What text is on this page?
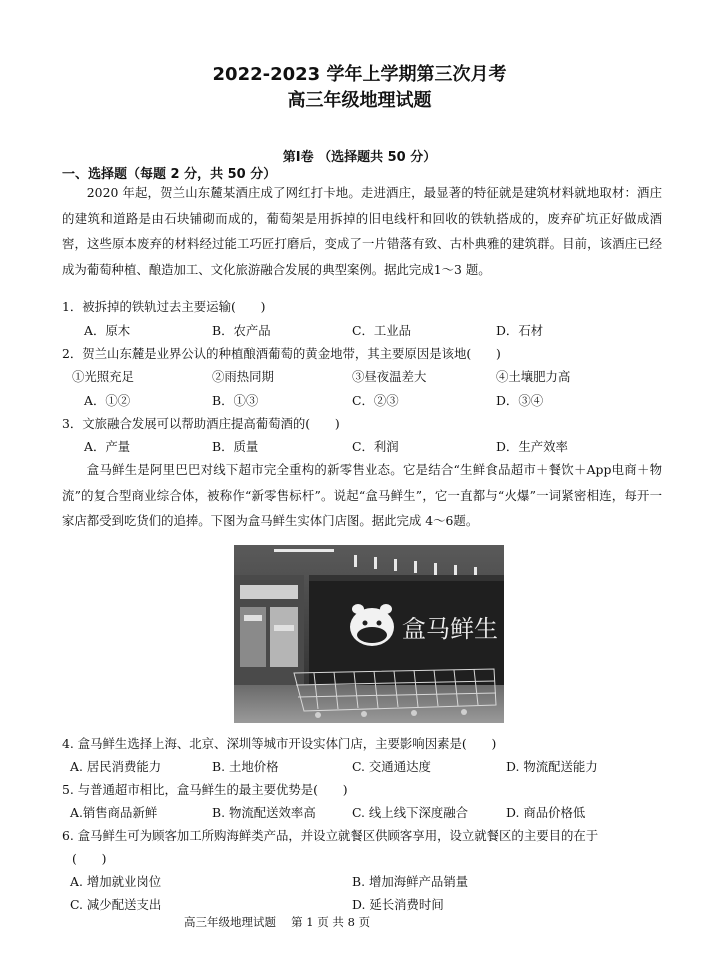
2022-2023 学年上学期第三次月考
高三年级地理试题
第Ⅰ卷 （选择题共 50 分）
一、选择题（每题 2 分，共 50 分）
2020 年起，贺兰山东麓某酒庄成了网红打卡地。走进酒庄，最显著的特征就是建筑材料就地取材：酒庄的建筑和道路是由石块铺砌而成的，葡萄架是用拆掉的旧电线杆和回收的铁轨搭成的，废弃矿坑正好做成酒窖，这些原本废弃的材料经过能工巧匠打磨后，变成了一片错落有致、古朴典雅的建筑群。目前，该酒庄已经成为葡萄种植、酿造加工、文化旅游融合发展的典型案例。据此完成1～3 题。
1．被拆掉的铁轨过去主要运输(　　)
A．原木	B．农产品	C．工业品	D．石材
2．贺兰山东麓是业界公认的种植酿酒葡萄的黄金地带，其主要原因是该地(　　)
①光照充足	②雨热同期	③昼夜温差大	④土壤肥力高
A．①②	B．①③	C．②③	D．③④
3．文旅融合发展可以帮助酒庄提高葡萄酒的(　　)
A．产量	B．质量	C．利润	D．生产效率
盒马鲜生是阿里巴巴对线下超市完全重构的新零售业态。它是结合“生鲜食品超市＋餐饮＋App电商＋物流”的复合型商业综合体，被称作“新零售标杆”。说起“盒马鲜生”，它一直都与“火爆”一词紧密相连，每开一家店都受到吃货们的追捧。下图为盒马鲜生实体门店图。据此完成 4～6题。
盒马鲜生
4. 盒马鲜生选择上海、北京、深圳等城市开设实体门店，主要影响因素是(　　)
A. 居民消费能力	B. 土地价格	C. 交通通达度	D. 物流配送能力
5. 与普通超市相比，盒马鲜生的最主要优势是(　　)
A.销售商品新鲜	B. 物流配送效率高	C. 线上线下深度融合	D. 商品价格低
6. 盒马鲜生可为顾客加工所购海鲜类产品，并设立就餐区供顾客享用，设立就餐区的主要目的在于
(　　)
A. 增加就业岗位	B. 增加海鲜产品销量
C. 减少配送支出	D. 延长消费时间
高三年级地理试题　 第 1 页 共 8 页
